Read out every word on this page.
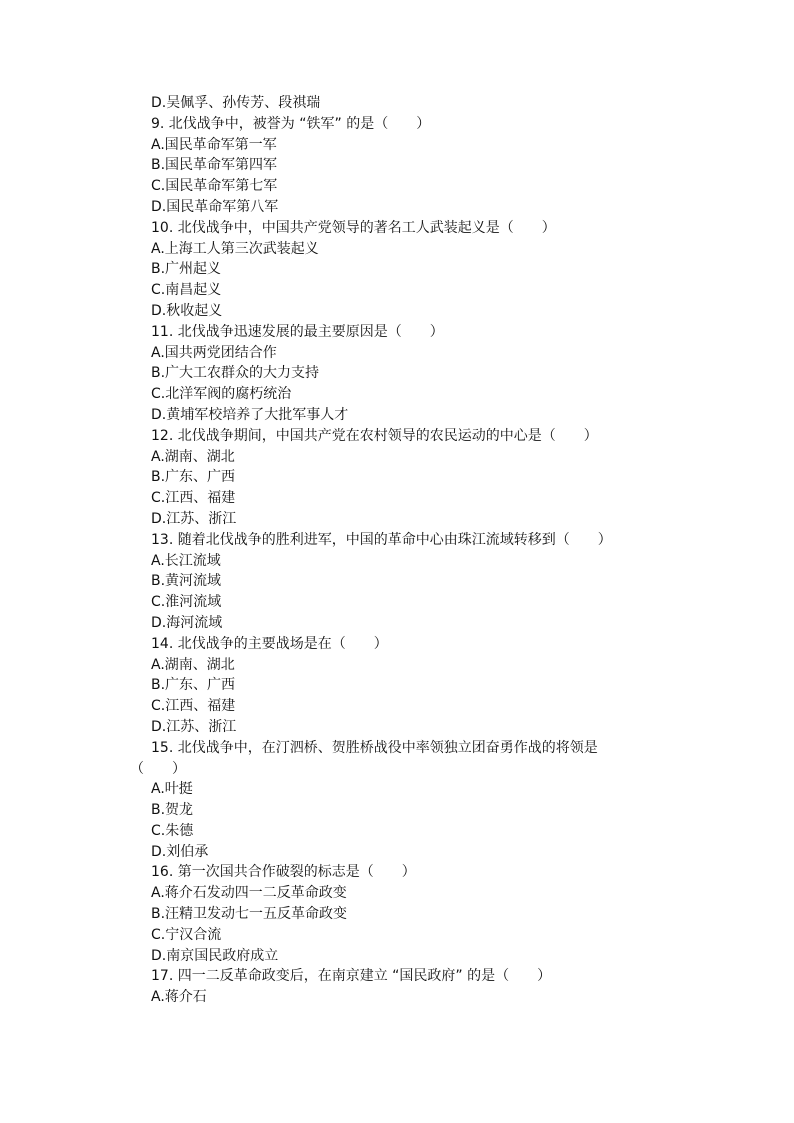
D.吴佩孚、孙传芳、段祺瑞
9. 北伐战争中，被誉为 “铁军” 的是（　　）
A.国民革命军第一军
B.国民革命军第四军
C.国民革命军第七军
D.国民革命军第八军
10. 北伐战争中，中国共产党领导的著名工人武装起义是（　　）
A.上海工人第三次武装起义
B.广州起义
C.南昌起义
D.秋收起义
11. 北伐战争迅速发展的最主要原因是（　　）
A.国共两党团结合作
B.广大工农群众的大力支持
C.北洋军阀的腐朽统治
D.黄埔军校培养了大批军事人才
12. 北伐战争期间，中国共产党在农村领导的农民运动的中心是（　　）
A.湖南、湖北
B.广东、广西
C.江西、福建
D.江苏、浙江
13. 随着北伐战争的胜利进军，中国的革命中心由珠江流域转移到（　　）
A.长江流域
B.黄河流域
C.淮河流域
D.海河流域
14. 北伐战争的主要战场是在（　　）
A.湖南、湖北
B.广东、广西
C.江西、福建
D.江苏、浙江
15. 北伐战争中，在汀泗桥、贺胜桥战役中率领独立团奋勇作战的将领是
（　　）
A.叶挺
B.贺龙
C.朱德
D.刘伯承
16. 第一次国共合作破裂的标志是（　　）
A.蒋介石发动四一二反革命政变
B.汪精卫发动七一五反革命政变
C.宁汉合流
D.南京国民政府成立
17. 四一二反革命政变后，在南京建立 “国民政府” 的是（　　）
A.蒋介石
